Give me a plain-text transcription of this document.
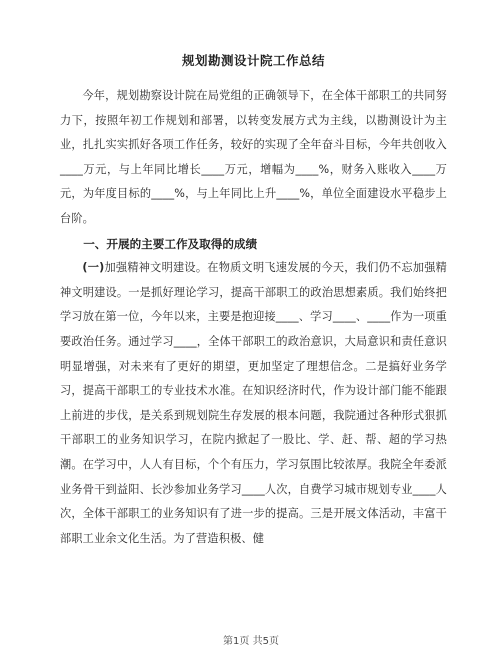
规划勘测设计院工作总结

今年，规划勘察设计院在局党组的正确领导下，在全体干部职工的共同努力下，按照年初工作规划和部署，以转变发展方式为主线，以勘测设计为主业，扎扎实实抓好各项工作任务，较好的实现了全年奋斗目标，今年共创收入____万元，与上年同比增长____万元，增幅为____%，财务入账收入____万元，为年度目标的____%，与上年同比上升____%，单位全面建设水平稳步上台阶。

一、开展的主要工作及取得的成绩

(一)加强精神文明建设。在物质文明飞速发展的今天，我们仍不忘加强精神文明建设。一是抓好理论学习，提高干部职工的政治思想素质。我们始终把学习放在第一位，今年以来，主要是抱迎接____、学习____、____作为一项重要政治任务。通过学习____，全体干部职工的政治意识，大局意识和责任意识明显增强，对未来有了更好的期望，更加坚定了理想信念。二是搞好业务学习，提高干部职工的专业技术水准。在知识经济时代，作为设计部门能不能跟上前进的步伐，是关系到规划院生存发展的根本问题，我院通过各种形式狠抓干部职工的业务知识学习，在院内掀起了一股比、学、赶、帮、超的学习热潮。在学习中，人人有目标，个个有压力，学习氛围比较浓厚。我院全年委派业务骨干到益阳、长沙参加业务学习____人次，自费学习城市规划专业____人次，全体干部职工的业务知识有了进一步的提高。三是开展文体活动，丰富干部职工业余文化生活。为了营造积极、健

第1页 共5页
